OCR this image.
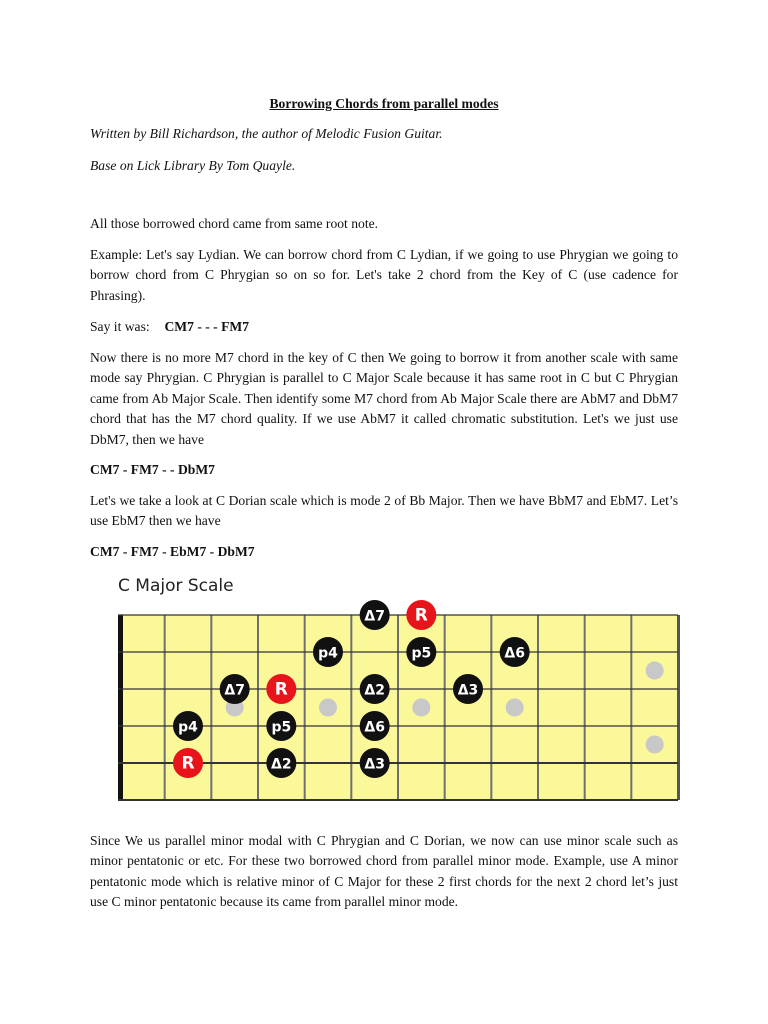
Borrowing Chords from parallel modes
Written by Bill Richardson, the author of Melodic Fusion Guitar.
Base on Lick Library By Tom Quayle.
All those borrowed chord came from same root note.
Example: Let's say Lydian. We can borrow chord from C Lydian, if we going to use Phrygian we going to borrow chord from C Phrygian so on so for. Let's take 2 chord from the Key of C (use cadence for Phrasing).
Say it was: CM7 - - - FM7
Now there is no more M7 chord in the key of C then We going to borrow it from another scale with same mode say Phrygian. C Phrygian is parallel to C Major Scale because it has same root in C but C Phrygian came from Ab Major Scale. Then identify some M7 chord from Ab Major Scale there are AbM7 and DbM7 chord that has the M7 chord quality. If we use AbM7 it called chromatic substitution. Let's we just use DbM7, then we have
CM7 - FM7 - - DbM7
Let's we take a look at C Dorian scale which is mode 2 of Bb Major. Then we have BbM7 and EbM7. Let’s use EbM7 then we have
CM7 - FM7 - EbM7 - DbM7
C Major Scale
Δ7 R
p4	p5	Δ6
Δ7 R	Δ2	Δ3
p4	p5	Δ6
R	Δ2	Δ3
Since We us parallel minor modal with C Phrygian and C Dorian, we now can use minor scale such as minor pentatonic or etc. For these two borrowed chord from parallel minor mode. Example, use A minor pentatonic mode which is relative minor of C Major for these 2 first chords for the next 2 chord let’s just use C minor pentatonic because its came from parallel minor mode.
